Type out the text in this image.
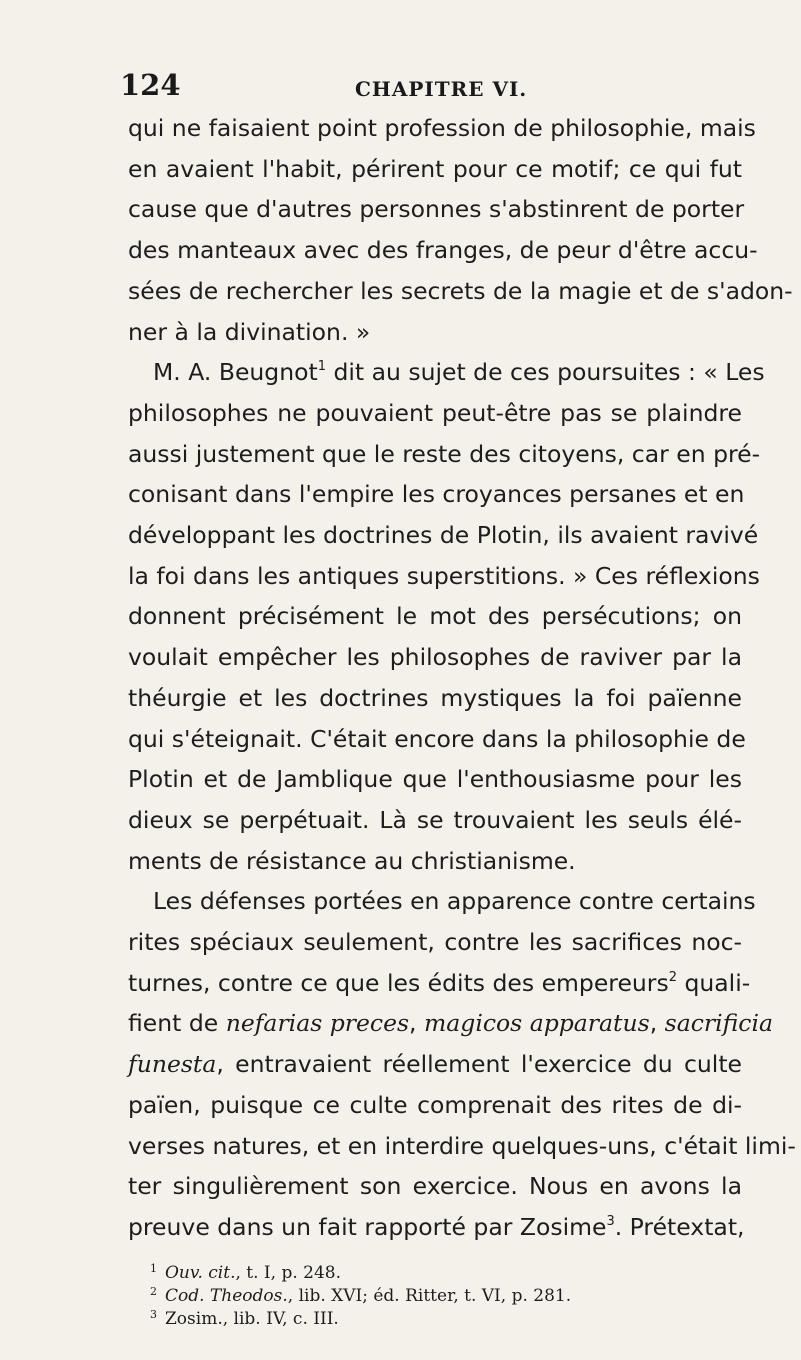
124	CHAPITRE VI.
qui ne faisaient point profession de philosophie, mais
en avaient l'habit, périrent pour ce motif; ce qui fut
cause que d'autres personnes s'abstinrent de porter
des manteaux avec des franges, de peur d'être accu-
sées de rechercher les secrets de la magie et de s'adon-
ner à la divination. »
M. A. Beugnot$^1$ dit au sujet de ces poursuites : « Les
philosophes ne pouvaient peut-être pas se plaindre
aussi justement que le reste des citoyens, car en pré-
conisant dans l'empire les croyances persanes et en
développant les doctrines de Plotin, ils avaient ravivé
la foi dans les antiques superstitions. » Ces réflexions
donnent précisément le mot des persécutions; on
voulait empêcher les philosophes de raviver par la
théurgie et les doctrines mystiques la foi païenne
qui s'éteignait. C'était encore dans la philosophie de
Plotin et de Jamblique que l'enthousiasme pour les
dieux se perpétuait. Là se trouvaient les seuls élé-
ments de résistance au christianisme.
Les défenses portées en apparence contre certains
rites spéciaux seulement, contre les sacrifices noc-
turnes, contre ce que les édits des empereurs$^2$ quali-
fient de nefarias preces, magicos apparatus, sacrificia
funesta, entravaient réellement l'exercice du culte
païen, puisque ce culte comprenait des rites de di-
verses natures, et en interdire quelques-uns, c'était limi-
ter singulièrement son exercice. Nous en avons la
preuve dans un fait rapporté par Zosime$^3$. Prétextat,
$^1$ Ouv. cit., t. I, p. 248.
$^2$ Cod. Theodos., lib. XVI; éd. Ritter, t. VI, p. 281.
$^3$ Zosim., lib. IV, c. III.
